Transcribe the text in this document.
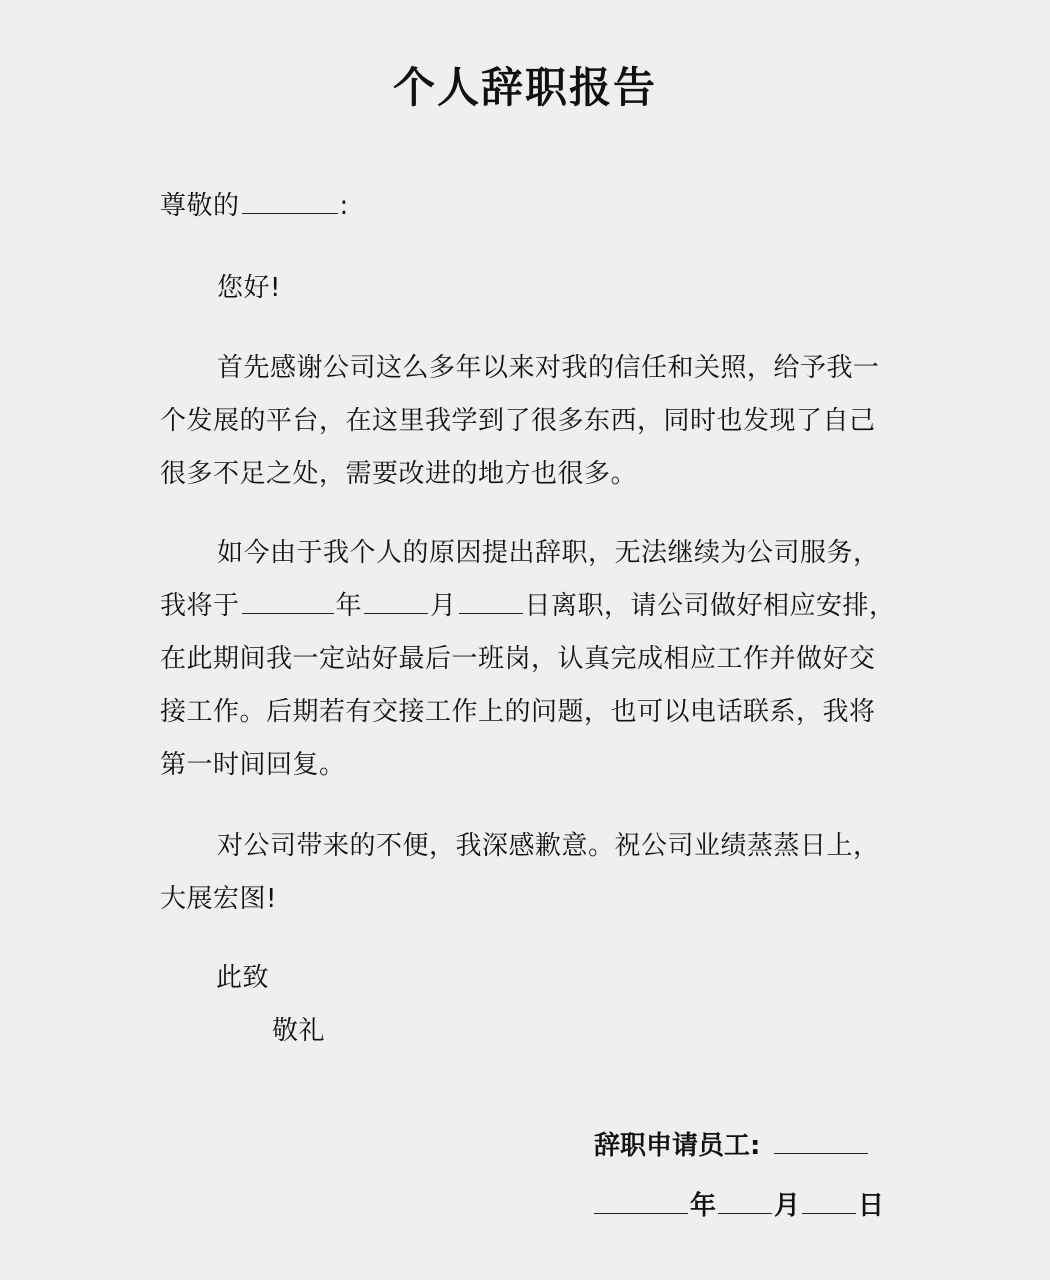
个人辞职报告
尊敬的	:
您好!
首先感谢公司这么多年以来对我的信任和关照，给予我一个发展的平台，在这里我学到了很多东西，同时也发现了自己很多不足之处，需要改进的地方也很多。
如今由于我个人的原因提出辞职，无法继续为公司服务，我将于	年	月	日离职，请公司做好相应安排，在此期间我一定站好最后一班岗，认真完成相应工作并做好交接工作。后期若有交接工作上的问题，也可以电话联系，我将第一时间回复。
对公司带来的不便，我深感歉意。祝公司业绩蒸蒸日上，大展宏图!
此致
敬礼
辞职申请员工:
年 月 日
